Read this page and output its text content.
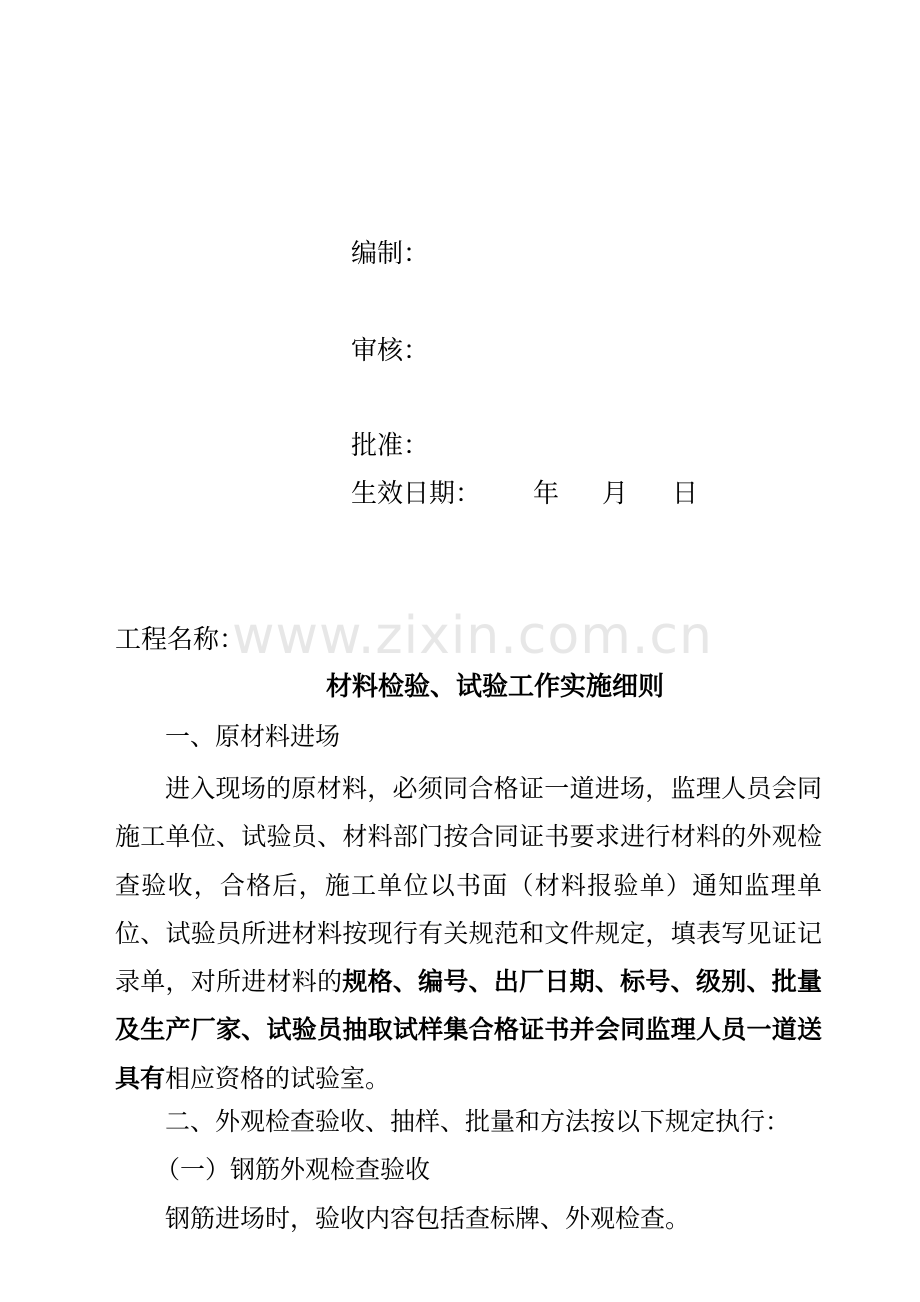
编制：
审核：
批准：
生效日期： 年 月 日
www.zixin.com.cn
工程名称：
材料检验、试验工作实施细则
一、原材料进场

进入现场的原材料，必须同合格证一道进场，监理人员会同施工单位、试验员、材料部门按合同证书要求进行材料的外观检查验收，合格后，施工单位以书面（材料报验单）通知监理单位、试验员所进材料按现行有关规范和文件规定，填表写见证记录单，对所进材料的规格、编号、出厂日期、标号、级别、批量及生产厂家、试验员抽取试样集合格证书并会同监理人员一道送具有相应资格的试验室。

二、外观检查验收、抽样、批量和方法按以下规定执行：
（一）钢筋外观检查验收
钢筋进场时，验收内容包括查标牌、外观检查。
